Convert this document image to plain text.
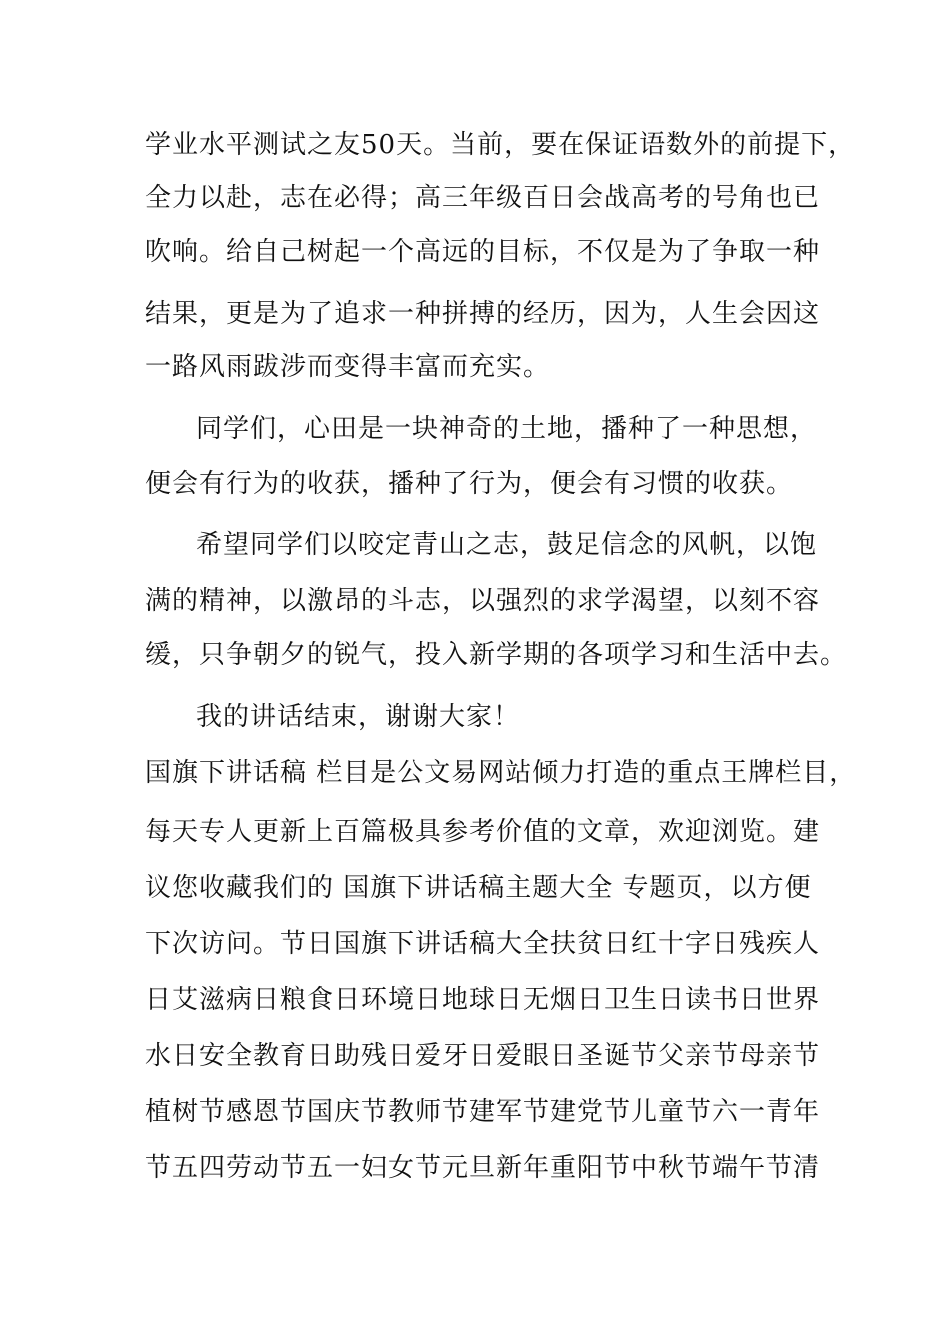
学业水平测试之友50天。当前，要在保证语数外的前提下，
全力以赴，志在必得；高三年级百日会战高考的号角也已
吹响。给自己树起一个高远的目标，不仅是为了争取一种
结果，更是为了追求一种拼搏的经历，因为，人生会因这
一路风雨跋涉而变得丰富而充实。
同学们，心田是一块神奇的土地，播种了一种思想，
便会有行为的收获，播种了行为，便会有习惯的收获。
希望同学们以咬定青山之志，鼓足信念的风帆，以饱
满的精神，以激昂的斗志，以强烈的求学渴望，以刻不容
缓，只争朝夕的锐气，投入新学期的各项学习和生活中去。
我的讲话结束，谢谢大家！
国旗下讲话稿 栏目是公文易网站倾力打造的重点王牌栏目，
每天专人更新上百篇极具参考价值的文章，欢迎浏览。建
议您收藏我们的 国旗下讲话稿主题大全 专题页，以方便
下次访问。节日国旗下讲话稿大全扶贫日红十字日残疾人
日艾滋病日粮食日环境日地球日无烟日卫生日读书日世界
水日安全教育日助残日爱牙日爱眼日圣诞节父亲节母亲节
植树节感恩节国庆节教师节建军节建党节儿童节六一青年
节五四劳动节五一妇女节元旦新年重阳节中秋节端午节清
